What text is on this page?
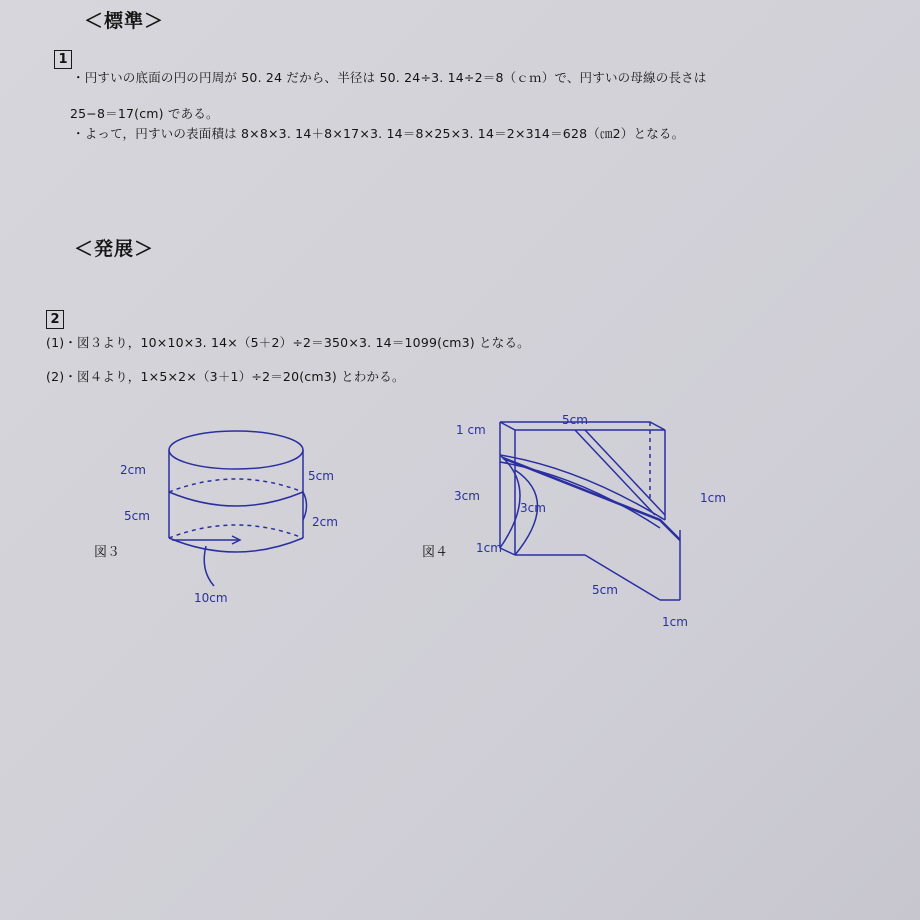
＜標準＞
1
・円すいの底面の円の円周が 50. 24 だから、半径は 50. 24÷3. 14÷2＝8（ｃｍ）で、円すいの母線の長さは
25−8＝17(cm) である。
・よって，円すいの表面積は 8×8×3. 14＋8×17×3. 14＝8×25×3. 14＝2×314＝628（㎝2）となる。
＜発展＞
2
(1)・図３より，10×10×3. 14×（5＋2）÷2＝350×3. 14＝1099(cm3) となる。
(2)・図４より，1×5×2×（3＋1）÷2＝20(cm3) とわかる。
2cm
5cm
5cm
2cm
10cm
図３
1 cm
5cm
3cm
3cm
1cm
1cm
5cm
1cm
図４
